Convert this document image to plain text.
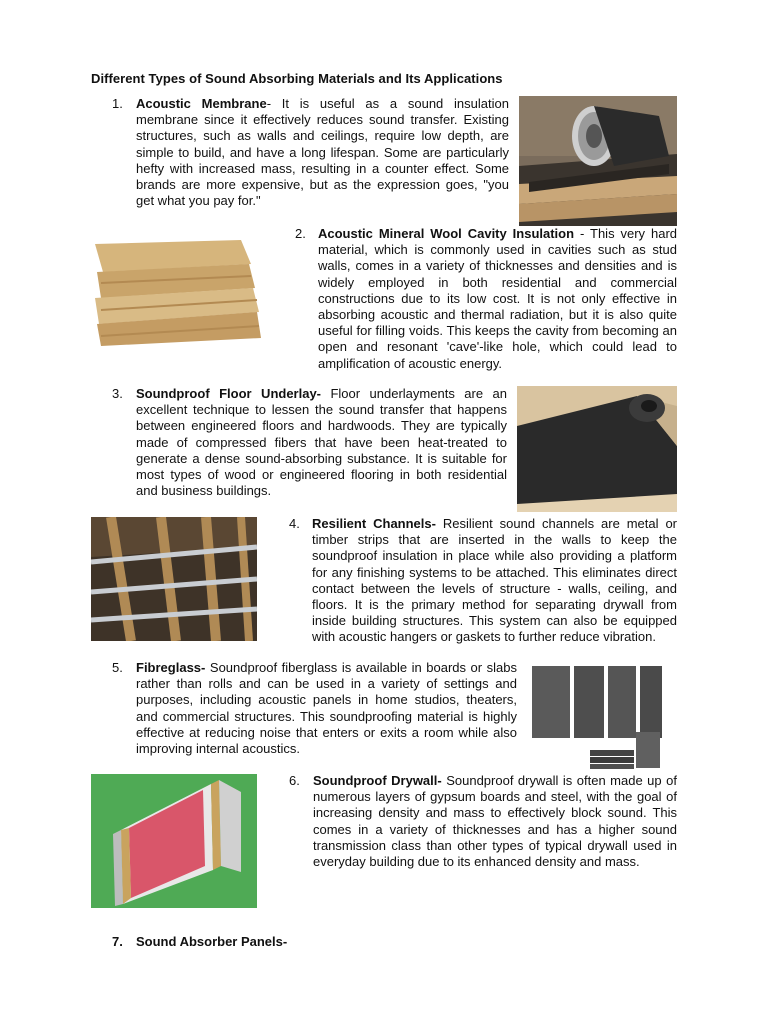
Different Types of Sound Absorbing Materials and Its Applications
1. Acoustic Membrane- It is useful as a sound insulation membrane since it effectively reduces sound transfer. Existing structures, such as walls and ceilings, require low depth, are simple to build, and have a long lifespan. Some are particularly hefty with increased mass, resulting in a counter effect. Some brands are more expensive, but as the expression goes, "you get what you pay for."
2. Acoustic Mineral Wool Cavity Insulation - This very hard material, which is commonly used in cavities such as stud walls, comes in a variety of thicknesses and densities and is widely employed in both residential and commercial constructions due to its low cost. It is not only effective in absorbing acoustic and thermal radiation, but it is also quite useful for filling voids. This keeps the cavity from becoming an open and resonant 'cave'-like hole, which could lead to amplification of acoustic energy.
3. Soundproof Floor Underlay- Floor underlayments are an excellent technique to lessen the sound transfer that happens between engineered floors and hardwoods. They are typically made of compressed fibers that have been heat-treated to generate a dense sound-absorbing substance. It is suitable for most types of wood or engineered flooring in both residential and business buildings.
4. Resilient Channels- Resilient sound channels are metal or timber strips that are inserted in the walls to keep the soundproof insulation in place while also providing a platform for any finishing systems to be attached. This eliminates direct contact between the levels of structure - walls, ceiling, and floors. It is the primary method for separating drywall from inside building structures. This system can also be equipped with acoustic hangers or gaskets to further reduce vibration.
5. Fibreglass- Soundproof fiberglass is available in boards or slabs rather than rolls and can be used in a variety of settings and purposes, including acoustic panels in home studios, theaters, and commercial structures. This soundproofing material is highly effective at reducing noise that enters or exits a room while also improving internal acoustics.
6. Soundproof Drywall- Soundproof drywall is often made up of numerous layers of gypsum boards and steel, with the goal of increasing density and mass to effectively block sound. This comes in a variety of thicknesses and has a higher sound transmission class than other types of typical drywall used in everyday building due to its enhanced density and mass.
7. Sound Absorber Panels-
